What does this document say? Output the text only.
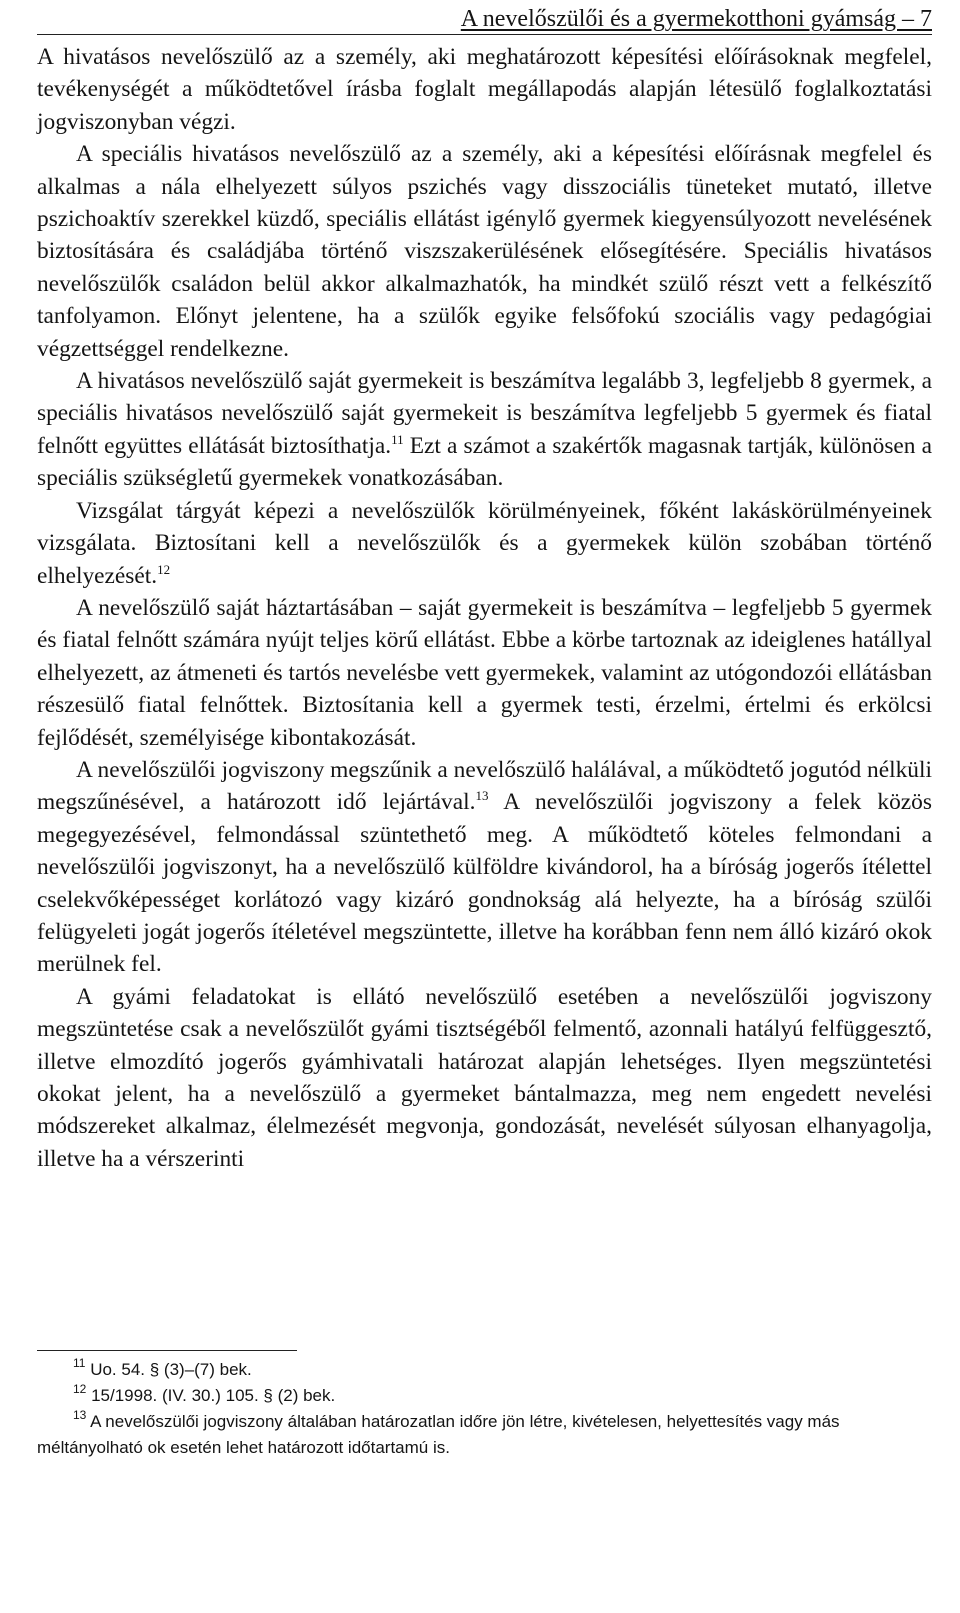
A nevelőszülői és a gyermekotthoni gyámság – 7

A hivatásos nevelőszülő az a személy, aki meghatározott képesítési előírásoknak megfelel, tevékenységét a működtetővel írásba foglalt megállapodás alapján létesülő foglalkoztatási jogviszonyban végzi.

A speciális hivatásos nevelőszülő az a személy, aki a képesítési előírásnak megfelel és alkalmas a nála elhelyezett súlyos pszichés vagy disszociális tüneteket mutató, illetve pszichoaktív szerekkel küzdő, speciális ellátást igénylő gyermek kiegyensúlyozott nevelésének biztosítására és családjába történő viszszakerülésének elősegítésére. Speciális hivatásos nevelőszülők családon belül akkor alkalmazhatók, ha mindkét szülő részt vett a felkészítő tanfolyamon. Előnyt jelentene, ha a szülők egyike felsőfokú szociális vagy pedagógiai végzettséggel rendelkezne.

A hivatásos nevelőszülő saját gyermekeit is beszámítva legalább 3, legfeljebb 8 gyermek, a speciális hivatásos nevelőszülő saját gyermekeit is beszámítva legfeljebb 5 gyermek és fiatal felnőtt együttes ellátását biztosíthatja.$^{11}$ Ezt a számot a szakértők magasnak tartják, különösen a speciális szükségletű gyermekek vonatkozásában.

Vizsgálat tárgyát képezi a nevelőszülők körülményeinek, főként lakáskörülményeinek vizsgálata. Biztosítani kell a nevelőszülők és a gyermekek külön szobában történő elhelyezését.$^{12}$

A nevelőszülő saját háztartásában – saját gyermekeit is beszámítva – legfeljebb 5 gyermek és fiatal felnőtt számára nyújt teljes körű ellátást. Ebbe a körbe tartoznak az ideiglenes hatállyal elhelyezett, az átmeneti és tartós nevelésbe vett gyermekek, valamint az utógondozói ellátásban részesülő fiatal felnőttek. Biztosítania kell a gyermek testi, érzelmi, értelmi és erkölcsi fejlődését, személyisége kibontakozását.

A nevelőszülői jogviszony megszűnik a nevelőszülő halálával, a működtető jogutód nélküli megszűnésével, a határozott idő lejártával.$^{13}$ A nevelőszülői jogviszony a felek közös megegyezésével, felmondással szüntethető meg. A működtető köteles felmondani a nevelőszülői jogviszonyt, ha a nevelőszülő külföldre kivándorol, ha a bíróság jogerős ítélettel cselekvőképességet korlátozó vagy kizáró gondnokság alá helyezte, ha a bíróság szülői felügyeleti jogát jogerős ítéletével megszüntette, illetve ha korábban fenn nem álló kizáró okok merülnek fel.

A gyámi feladatokat is ellátó nevelőszülő esetében a nevelőszülői jogviszony megszüntetése csak a nevelőszülőt gyámi tisztségéből felmentő, azonnali hatályú felfüggesztő, illetve elmozdító jogerős gyámhivatali határozat alapján lehetséges. Ilyen megszüntetési okokat jelent, ha a nevelőszülő a gyermeket bántalmazza, meg nem engedett nevelési módszereket alkalmaz, élelmezését megvonja, gondozását, nevelését súlyosan elhanyagolja, illetve ha a vérszerinti

$^{11}$ Uo. 54. § (3)–(7) bek.

$^{12}$ 15/1998. (IV. 30.) 105. § (2) bek.

$^{13}$ A nevelőszülői jogviszony általában határozatlan időre jön létre, kivételesen, helyettesítés vagy más méltányolható ok esetén lehet határozott időtartamú is.
